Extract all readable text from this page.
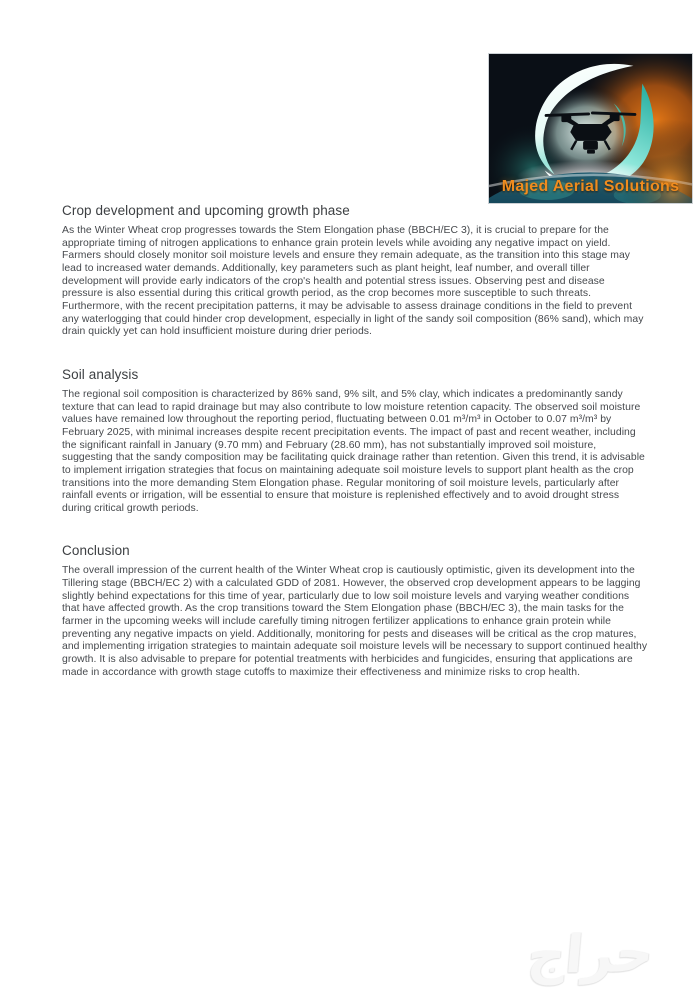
Majed Aerial Solutions
Crop development and upcoming growth phase

As the Winter Wheat crop progresses towards the Stem Elongation phase (BBCH/EC 3), it is crucial to prepare for the appropriate timing of nitrogen applications to enhance grain protein levels while avoiding any negative impact on yield. Farmers should closely monitor soil moisture levels and ensure they remain adequate, as the transition into this stage may lead to increased water demands. Additionally, key parameters such as plant height, leaf number, and overall tiller development will provide early indicators of the crop's health and potential stress issues. Observing pest and disease pressure is also essential during this critical growth period, as the crop becomes more susceptible to such threats. Furthermore, with the recent precipitation patterns, it may be advisable to assess drainage conditions in the field to prevent any waterlogging that could hinder crop development, especially in light of the sandy soil composition (86% sand), which may drain quickly yet can hold insufficient moisture during drier periods.

Soil analysis

The regional soil composition is characterized by 86% sand, 9% silt, and 5% clay, which indicates a predominantly sandy texture that can lead to rapid drainage but may also contribute to low moisture retention capacity. The observed soil moisture values have remained low throughout the reporting period, fluctuating between 0.01 m³/m³ in October to 0.07 m³/m³ by February 2025, with minimal increases despite recent precipitation events. The impact of past and recent weather, including the significant rainfall in January (9.70 mm) and February (28.60 mm), has not substantially improved soil moisture, suggesting that the sandy composition may be facilitating quick drainage rather than retention. Given this trend, it is advisable to implement irrigation strategies that focus on maintaining adequate soil moisture levels to support plant health as the crop transitions into the more demanding Stem Elongation phase. Regular monitoring of soil moisture levels, particularly after rainfall events or irrigation, will be essential to ensure that moisture is replenished effectively and to avoid drought stress during critical growth periods.

Conclusion

The overall impression of the current health of the Winter Wheat crop is cautiously optimistic, given its development into the Tillering stage (BBCH/EC 2) with a calculated GDD of 2081. However, the observed crop development appears to be lagging slightly behind expectations for this time of year, particularly due to low soil moisture levels and varying weather conditions that have affected growth. As the crop transitions toward the Stem Elongation phase (BBCH/EC 3), the main tasks for the farmer in the upcoming weeks will include carefully timing nitrogen fertilizer applications to enhance grain protein while preventing any negative impacts on yield. Additionally, monitoring for pests and diseases will be critical as the crop matures, and implementing irrigation strategies to maintain adequate soil moisture levels will be necessary to support continued healthy growth. It is also advisable to prepare for potential treatments with herbicides and fungicides, ensuring that applications are made in accordance with growth stage cutoffs to maximize their effectiveness and minimize risks to crop health.

حراج
